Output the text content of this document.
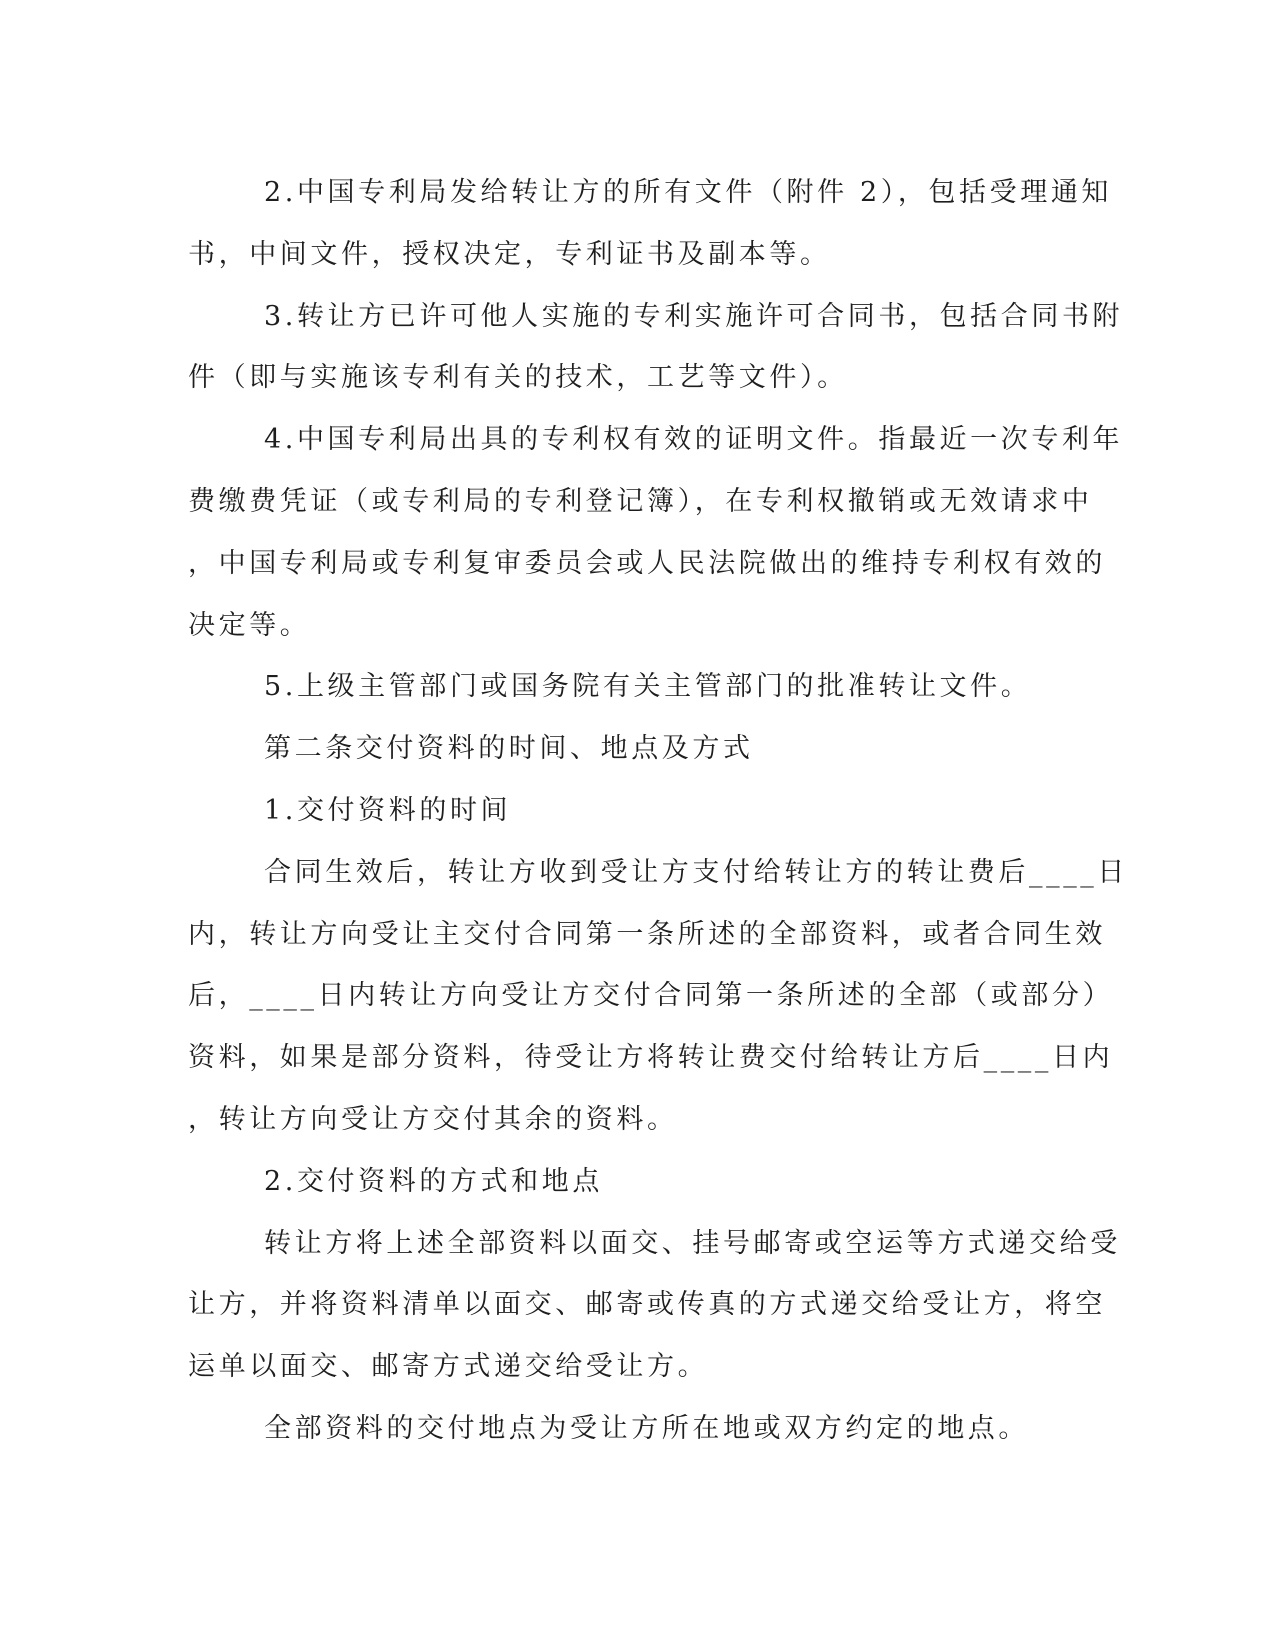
2.中国专利局发给转让方的所有文件（附件 2），包括受理通知
书，中间文件，授权决定，专利证书及副本等。
3.转让方已许可他人实施的专利实施许可合同书，包括合同书附
件（即与实施该专利有关的技术，工艺等文件）。
4.中国专利局出具的专利权有效的证明文件。指最近一次专利年
费缴费凭证（或专利局的专利登记簿），在专利权撤销或无效请求中
，中国专利局或专利复审委员会或人民法院做出的维持专利权有效的
决定等。
5.上级主管部门或国务院有关主管部门的批准转让文件。
第二条交付资料的时间、地点及方式
1.交付资料的时间
合同生效后，转让方收到受让方支付给转让方的转让费后____日
内，转让方向受让主交付合同第一条所述的全部资料，或者合同生效
后，____日内转让方向受让方交付合同第一条所述的全部（或部分）
资料，如果是部分资料，待受让方将转让费交付给转让方后____日内
，转让方向受让方交付其余的资料。
2.交付资料的方式和地点
转让方将上述全部资料以面交、挂号邮寄或空运等方式递交给受
让方，并将资料清单以面交、邮寄或传真的方式递交给受让方，将空
运单以面交、邮寄方式递交给受让方。
全部资料的交付地点为受让方所在地或双方约定的地点。
